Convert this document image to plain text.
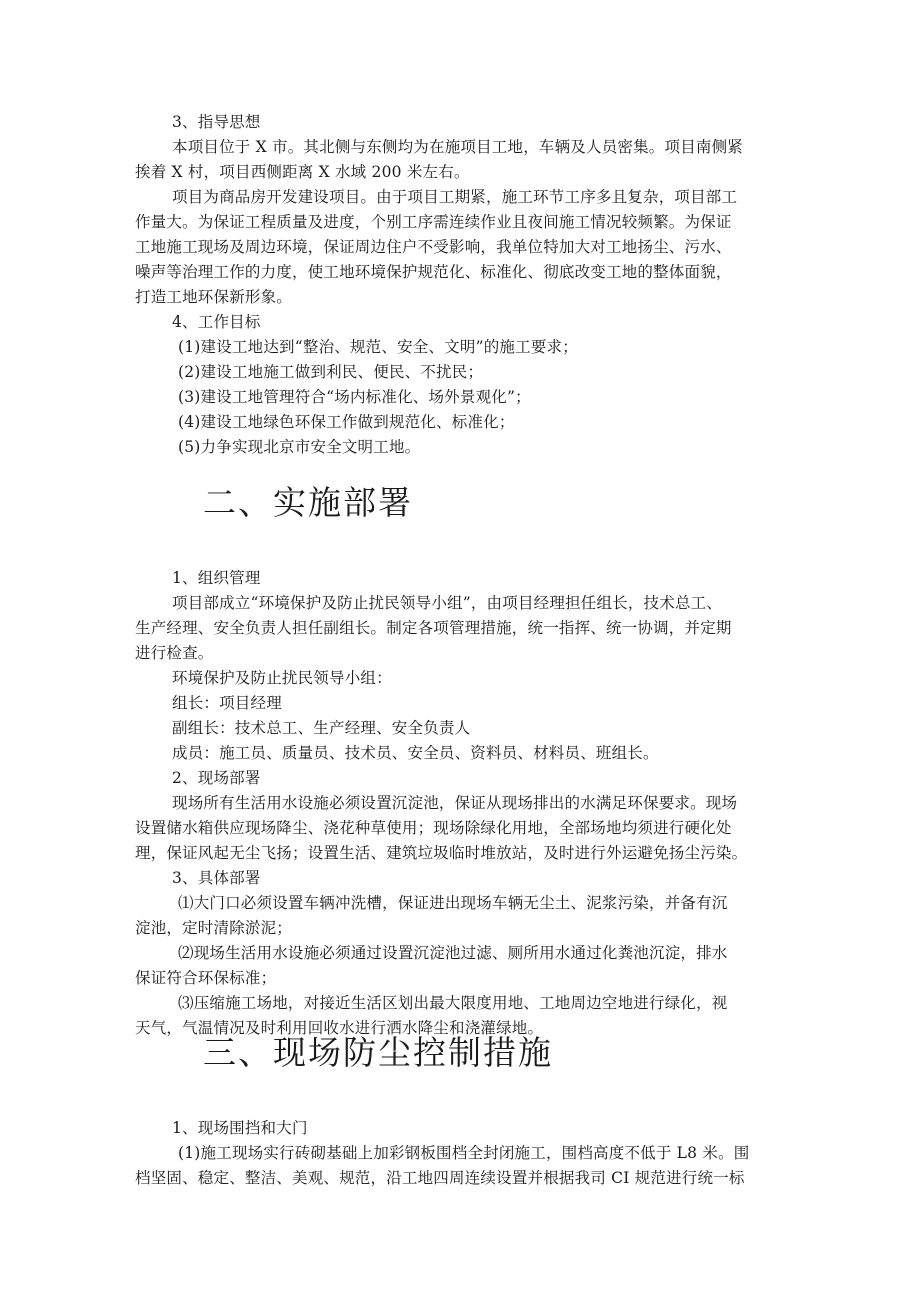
3、指导思想
本项目位于 X 市。其北侧与东侧均为在施项目工地，车辆及人员密集。项目南侧紧
挨着 X 村，项目西侧距离 X 水域 200 米左右。
项目为商品房开发建设项目。由于项目工期紧，施工环节工序多且复杂，项目部工
作量大。为保证工程质量及进度，个别工序需连续作业且夜间施工情况较频繁。为保证
工地施工现场及周边环境，保证周边住户不受影响，我单位特加大对工地扬尘、污水、
噪声等治理工作的力度，使工地环境保护规范化、标准化、彻底改变工地的整体面貌，
打造工地环保新形象。
4、工作目标
(1)建设工地达到“整治、规范、安全、文明”的施工要求；
(2)建设工地施工做到利民、便民、不扰民；
(3)建设工地管理符合“场内标准化、场外景观化”；
(4)建设工地绿色环保工作做到规范化、标准化；
(5)力争实现北京市安全文明工地。
二、实施部署
1、组织管理
项目部成立“环境保护及防止扰民领导小组”，由项目经理担任组长，技术总工、
生产经理、安全负责人担任副组长。制定各项管理措施，统一指挥、统一协调，并定期
进行检查。
环境保护及防止扰民领导小组：
组长：项目经理
副组长：技术总工、生产经理、安全负责人
成员：施工员、质量员、技术员、安全员、资料员、材料员、班组长。
2、现场部署
现场所有生活用水设施必须设置沉淀池，保证从现场排出的水满足环保要求。现场
设置储水箱供应现场降尘、浇花种草使用；现场除绿化用地，全部场地均须进行硬化处
理，保证风起无尘飞扬；设置生活、建筑垃圾临时堆放站，及时进行外运避免扬尘污染。
3、具体部署
⑴大门口必须设置车辆冲洗槽，保证进出现场车辆无尘土、泥浆污染，并备有沉
淀池，定时清除淤泥；
⑵现场生活用水设施必须通过设置沉淀池过滤、厕所用水通过化粪池沉淀，排水
保证符合环保标准；
⑶压缩施工场地，对接近生活区划出最大限度用地、工地周边空地进行绿化，视
天气，气温情况及时利用回收水进行洒水降尘和浇灌绿地。
三、现场防尘控制措施
1、现场围挡和大门
(1)施工现场实行砖砌基础上加彩钢板围档全封闭施工，围档高度不低于 L8 米。围
档坚固、稳定、整洁、美观、规范，沿工地四周连续设置并根据我司 CI 规范进行统一标
